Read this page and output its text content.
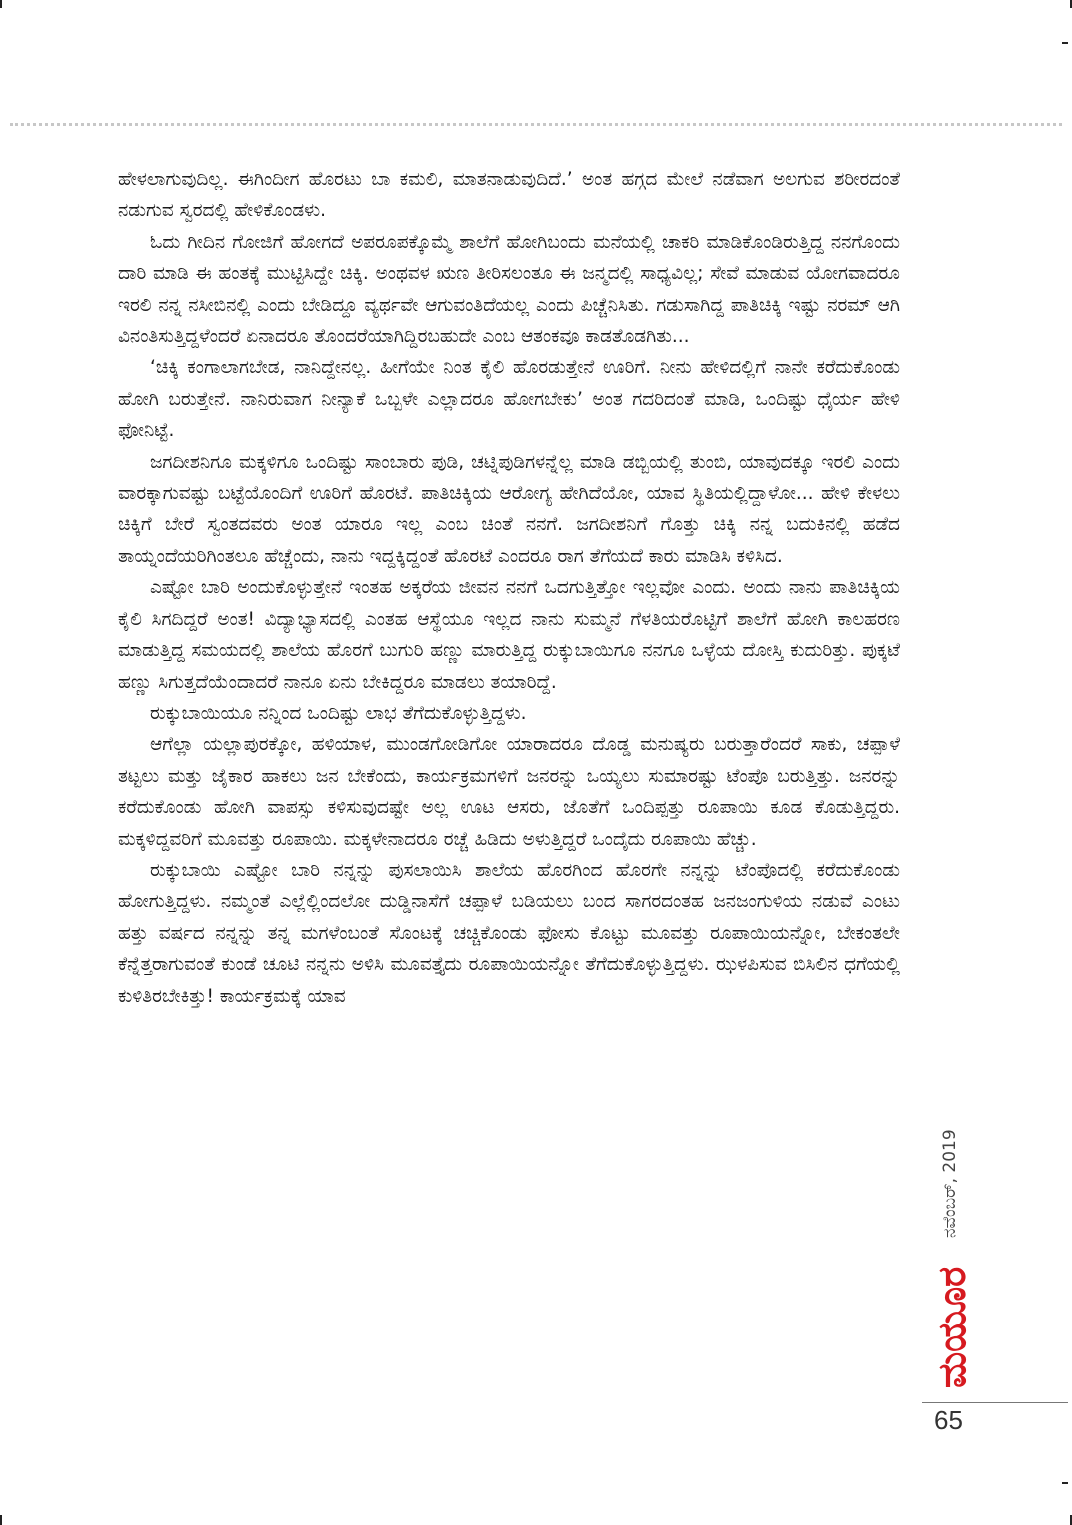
ಹೇಳಲಾಗುವುದಿಲ್ಲ. ಈಗಿಂದೀಗ ಹೊರಟು ಬಾ ಕಮಲಿ, ಮಾತನಾಡುವುದಿದೆ.’ ಅಂತ ಹಗ್ಗದ ಮೇಲೆ ನಡೆವಾಗ ಅಲಗುವ ಶರೀರದಂತೆ ನಡುಗುವ ಸ್ವರದಲ್ಲಿ ಹೇಳಿಕೊಂಡಳು.

ಓದು ಗೀದಿನ ಗೋಜಿಗೆ ಹೋಗದೆ ಅಪರೂಪಕ್ಕೊಮ್ಮೆ ಶಾಲೆಗೆ ಹೋಗಿಬಂದು ಮನೆಯಲ್ಲಿ ಚಾಕರಿ ಮಾಡಿಕೊಂಡಿರುತ್ತಿದ್ದ ನನಗೊಂದು ದಾರಿ ಮಾಡಿ ಈ ಹಂತಕ್ಕೆ ಮುಟ್ಟಿಸಿದ್ದೇ ಚಿಕ್ಕಿ. ಅಂಥವಳ ಋಣ ತೀರಿಸಲಂತೂ ಈ ಜನ್ಮದಲ್ಲಿ ಸಾಧ್ಯವಿಲ್ಲ; ಸೇವೆ ಮಾಡುವ ಯೋಗವಾದರೂ ಇರಲಿ ನನ್ನ ನಸೀಬಿನಲ್ಲಿ ಎಂದು ಬೇಡಿದ್ದೂ ವ್ಯರ್ಥವೇ ಆಗುವಂತಿದೆಯಲ್ಲ ಎಂದು ಪಿಚ್ಚೆನಿಸಿತು. ಗಡುಸಾಗಿದ್ದ ಪಾತಿಚಿಕ್ಕಿ ಇಷ್ಟು ನರಮ್ ಆಗಿ ವಿನಂತಿಸುತ್ತಿದ್ದಳೆಂದರೆ ಏನಾದರೂ ತೊಂದರೆಯಾಗಿದ್ದಿರಬಹುದೇ ಎಂಬ ಆತಂಕವೂ ಕಾಡತೊಡಗಿತು...

‘ಚಿಕ್ಕಿ ಕಂಗಾಲಾಗಬೇಡ, ನಾನಿದ್ದೇನಲ್ಲ. ಹೀಗೆಯೇ ನಿಂತ ಕೈಲಿ ಹೊರಡುತ್ತೇನೆ ಊರಿಗೆ. ನೀನು ಹೇಳಿದಲ್ಲಿಗೆ ನಾನೇ ಕರೆದುಕೊಂಡು ಹೋಗಿ ಬರುತ್ತೇನೆ. ನಾನಿರುವಾಗ ನೀನ್ಯಾಕೆ ಒಬ್ಬಳೇ ಎಲ್ಲಾದರೂ ಹೋಗಬೇಕು’ ಅಂತ ಗದರಿದಂತೆ ಮಾಡಿ, ಒಂದಿಷ್ಟು ಧೈರ್ಯ ಹೇಳಿ ಫೋನಿಟ್ಟೆ.

ಜಗದೀಶನಿಗೂ ಮಕ್ಕಳಿಗೂ ಒಂದಿಷ್ಟು ಸಾಂಬಾರು ಪುಡಿ, ಚಟ್ನಿಪುಡಿಗಳನ್ನೆಲ್ಲ ಮಾಡಿ ಡಬ್ಬಿಯಲ್ಲಿ ತುಂಬಿ, ಯಾವುದಕ್ಕೂ ಇರಲಿ ಎಂದು ವಾರಕ್ಕಾಗುವಷ್ಟು ಬಟ್ಟೆಯೊಂದಿಗೆ ಊರಿಗೆ ಹೊರಟೆ. ಪಾತಿಚಿಕ್ಕಿಯ ಆರೋಗ್ಯ ಹೇಗಿದೆಯೋ, ಯಾವ ಸ್ಥಿತಿಯಲ್ಲಿದ್ದಾಳೋ... ಹೇಳಿ ಕೇಳಲು ಚಿಕ್ಕಿಗೆ ಬೇರೆ ಸ್ವಂತದವರು ಅಂತ ಯಾರೂ ಇಲ್ಲ ಎಂಬ ಚಿಂತೆ ನನಗೆ. ಜಗದೀಶನಿಗೆ ಗೊತ್ತು ಚಿಕ್ಕಿ ನನ್ನ ಬದುಕಿನಲ್ಲಿ ಹಡೆದ ತಾಯ್ನಂದೆಯರಿಗಿಂತಲೂ ಹೆಚ್ಚೆಂದು, ನಾನು ಇದ್ದಕ್ಕಿದ್ದಂತೆ ಹೊರಟೆ ಎಂದರೂ ರಾಗ ತೆಗೆಯದೆ ಕಾರು ಮಾಡಿಸಿ ಕಳಿಸಿದ.

ಎಷ್ಟೋ ಬಾರಿ ಅಂದುಕೊಳ್ಳುತ್ತೇನೆ ಇಂತಹ ಅಕ್ಕರೆಯ ಜೀವನ ನನಗೆ ಒದಗುತ್ತಿತ್ತೋ ಇಲ್ಲವೋ ಎಂದು. ಅಂದು ನಾನು ಪಾತಿಚಿಕ್ಕಿಯ ಕೈಲಿ ಸಿಗದಿದ್ದರೆ ಅಂತ! ವಿದ್ಯಾಭ್ಯಾಸದಲ್ಲಿ ಎಂತಹ ಆಸ್ಥೆಯೂ ಇಲ್ಲದ ನಾನು ಸುಮ್ಮನೆ ಗೆಳತಿಯರೊಟ್ಟಿಗೆ ಶಾಲೆಗೆ ಹೋಗಿ ಕಾಲಹರಣ ಮಾಡುತ್ತಿದ್ದ ಸಮಯದಲ್ಲಿ ಶಾಲೆಯ ಹೊರಗೆ ಬುಗುರಿ ಹಣ್ಣು ಮಾರುತ್ತಿದ್ದ ರುಕ್ಕುಬಾಯಿಗೂ ನನಗೂ ಒಳ್ಳೆಯ ದೋಸ್ತಿ ಕುದುರಿತ್ತು. ಪುಕ್ಕಟೆ ಹಣ್ಣು ಸಿಗುತ್ತದೆಯೆಂದಾದರೆ ನಾನೂ ಏನು ಬೇಕಿದ್ದರೂ ಮಾಡಲು ತಯಾರಿದ್ದೆ.

ರುಕ್ಕುಬಾಯಿಯೂ ನನ್ನಿಂದ ಒಂದಿಷ್ಟು ಲಾಭ ತೆಗೆದುಕೊಳ್ಳುತ್ತಿದ್ದಳು.

ಆಗೆಲ್ಲಾ ಯಲ್ಲಾಪುರಕ್ಕೋ, ಹಳಿಯಾಳ, ಮುಂಡಗೋಡಿಗೋ ಯಾರಾದರೂ ದೊಡ್ಡ ಮನುಷ್ಯರು ಬರುತ್ತಾರೆಂದರೆ ಸಾಕು, ಚಪ್ಪಾಳೆ ತಟ್ಟಲು ಮತ್ತು ಜೈಕಾರ ಹಾಕಲು ಜನ ಬೇಕೆಂದು, ಕಾರ್ಯಕ್ರಮಗಳಿಗೆ ಜನರನ್ನು ಒಯ್ಯಲು ಸುಮಾರಷ್ಟು ಟೆಂಪೊ ಬರುತ್ತಿತ್ತು. ಜನರನ್ನು ಕರೆದುಕೊಂಡು ಹೋಗಿ ವಾಪಸ್ಸು ಕಳಿಸುವುದಷ್ಟೇ ಅಲ್ಲ ಊಟ ಆಸರು, ಜೊತೆಗೆ ಒಂದಿಪ್ಪತ್ತು ರೂಪಾಯಿ ಕೂಡ ಕೊಡುತ್ತಿದ್ದರು. ಮಕ್ಕಳಿದ್ದವರಿಗೆ ಮೂವತ್ತು ರೂಪಾಯಿ. ಮಕ್ಕಳೇನಾದರೂ ರಚ್ಚೆ ಹಿಡಿದು ಅಳುತ್ತಿದ್ದರೆ ಒಂದೈದು ರೂಪಾಯಿ ಹೆಚ್ಚು.

ರುಕ್ಕುಬಾಯಿ ಎಷ್ಟೋ ಬಾರಿ ನನ್ನನ್ನು ಪುಸಲಾಯಿಸಿ ಶಾಲೆಯ ಹೊರಗಿಂದ ಹೊರಗೇ ನನ್ನನ್ನು ಟೆಂಪೊದಲ್ಲಿ ಕರೆದುಕೊಂಡು ಹೋಗುತ್ತಿದ್ದಳು. ನಮ್ಮಂತೆ ಎಲ್ಲೆಲ್ಲಿಂದಲೋ ದುಡ್ಡಿನಾಸೆಗೆ ಚಪ್ಪಾಳೆ ಬಡಿಯಲು ಬಂದ ಸಾಗರದಂತಹ ಜನಜಂಗುಳಿಯ ನಡುವೆ ಎಂಟು ಹತ್ತು ವರ್ಷದ ನನ್ನನ್ನು ತನ್ನ ಮಗಳೆಂಬಂತೆ ಸೊಂಟಕ್ಕೆ ಚಚ್ಚಿಕೊಂಡು ಫೋಸು ಕೊಟ್ಟು ಮೂವತ್ತು ರೂಪಾಯಿಯನ್ನೋ, ಬೇಕಂತಲೇ ಕೆನ್ನೆತ್ತರಾಗುವಂತೆ ಕುಂಡೆ ಚೂಟಿ ನನ್ನನು ಅಳಿಸಿ ಮೂವತ್ತೈದು ರೂಪಾಯಿಯನ್ನೋ ತೆಗೆದುಕೊಳ್ಳುತ್ತಿದ್ದಳು. ಝಳಪಿಸುವ ಬಿಸಿಲಿನ ಧಗೆಯಲ್ಲಿ ಕುಳಿತಿರಬೇಕಿತ್ತು! ಕಾರ್ಯಕ್ರಮಕ್ಕೆ ಯಾವ

ನವೆಂಬರ್, 2019
ಮಯೂರ
65
